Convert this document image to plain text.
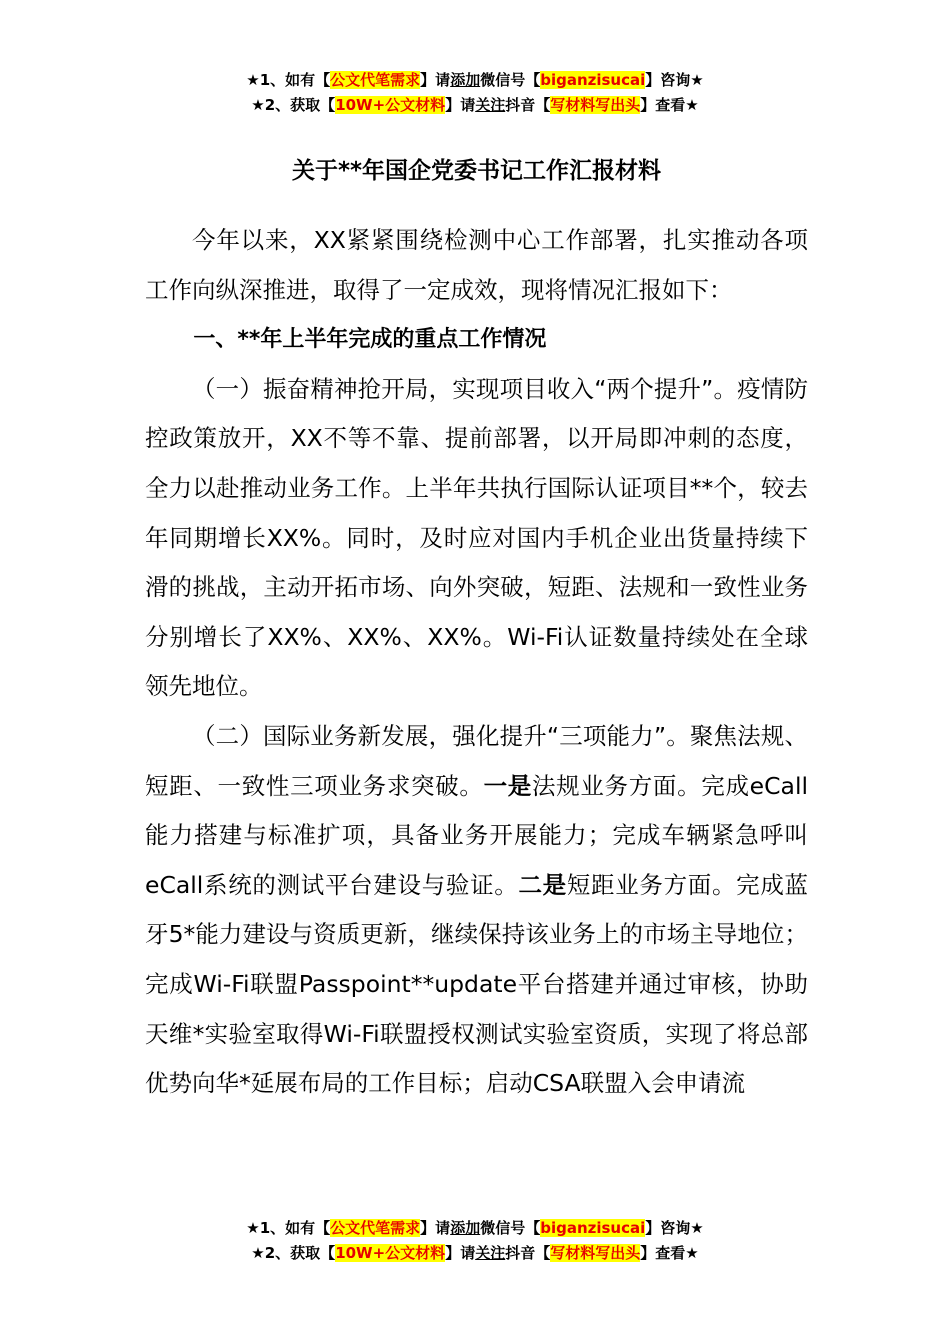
★1、如有【公文代笔需求】请添加微信号【biganzisucai】咨询★
★2、获取【10W+公文材料】请关注抖音【写材料写出头】查看★
关于**年国企党委书记工作汇报材料

今年以来，XX紧紧围绕检测中心工作部署，扎实推动各项工作向纵深推进，取得了一定成效，现将情况汇报如下：

一、**年上半年完成的重点工作情况

（一）振奋精神抢开局，实现项目收入“两个提升”。疫情防控政策放开，XX不等不靠、提前部署，以开局即冲刺的态度，全力以赴推动业务工作。上半年共执行国际认证项目**个，较去年同期增长XX%。同时，及时应对国内手机企业出货量持续下滑的挑战，主动开拓市场、向外突破，短距、法规和一致性业务分别增长了XX%、XX%、XX%。Wi-Fi认证数量持续处在全球领先地位。

（二）国际业务新发展，强化提升“三项能力”。聚焦法规、短距、一致性三项业务求突破。一是法规业务方面。完成eCall能力搭建与标准扩项，具备业务开展能力；完成车辆紧急呼叫eCall系统的测试平台建设与验证。二是短距业务方面。完成蓝牙5*能力建设与资质更新，继续保持该业务上的市场主导地位；完成Wi-Fi联盟Passpoint**update平台搭建并通过审核，协助天维*实验室取得Wi-Fi联盟授权测试实验室资质，实现了将总部优势向华*延展布局的工作目标；启动CSA联盟入会申请流

★1、如有【公文代笔需求】请添加微信号【biganzisucai】咨询★
★2、获取【10W+公文材料】请关注抖音【写材料写出头】查看★
